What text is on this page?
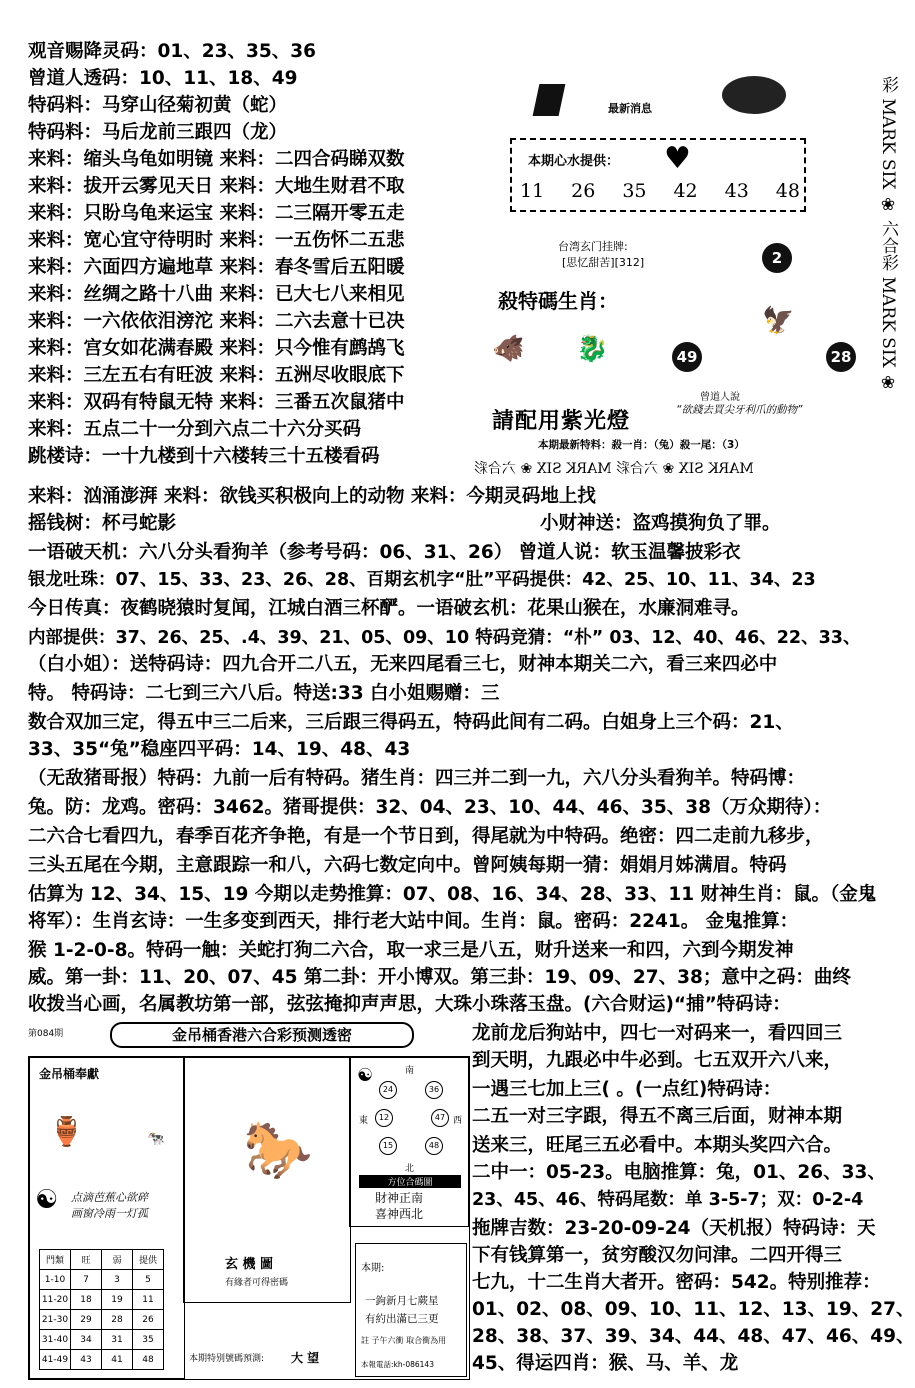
观音赐降灵码：01、23、35、36
曾道人透码：10、11、18、49
特码料：马穿山径菊初黄（蛇）
特码料：马后龙前三跟四（龙）
来料：缩头乌龟如明镜 来料：二四合码睇双数
来料：拔开云雾见天日 来料：大地生财君不取
来料：只盼乌龟来运宝 来料：二三隔开零五走
来料：宽心宜守待明时 来料：一五伤怀二五悲
来料：六面四方遍地草 来料：春冬雪后五阳暖
来料：丝绸之路十八曲 来料：已大七八来相见
来料：一六依依泪滂沱 来料：二六去意十已决
来料：宫女如花满春殿 来料：只今惟有鹧鸪飞
来料：三左五右有旺波 来料：五洲尽收眼底下
来料：双码有特鼠无特 来料：三番五次鼠猪中
来料：五点二十一分到六点二十六分买码
跳楼诗：一十九楼到十六楼转三十五楼看码
最新消息
本期心水提供： ♥
11 26 35 42 43 48
台湾玄门挂牌:
[思忆甜苦][312]	2
殺特碼生肖：
🐗 🐉
🦅
49	28
曾道人說
“欲錢去買尖牙利爪的動物”
請配用紫光燈
本期最新特料：殺一肖：（兔）殺一尾：（3）
MARK SIX ❀ 六合彩 MARK SIX ❀ 六合彩
彩 MARK SIX ❀ 六合彩 MARK SIX ❀
来料：汹涌澎湃 来料：欲钱买积极向上的动物 来料：今期灵码地上找
摇钱树：杯弓蛇影	小财神送：盗鸡摸狗负了罪。
一语破天机：六八分头看狗羊（参考号码：06、31、26） 曾道人说：软玉温馨披彩衣
银龙吐珠：07、15、33、23、26、28、百期玄机字“肚”平码提供：42、25、10、11、34、23
今日传真：夜鹤晓猿时复闻，江城白酒三杯酽。一语破玄机：花果山猴在，水廉洞难寻。
内部提供：37、26、25、.4、39、21、05、09、10 特码竞猜：“朴” 03、12、40、46、22、33、
（白小姐）：送特码诗：四九合开二八五，无来四尾看三七，财神本期关二六，看三来四必中
特。 特码诗：二七到三六八后。特送:33 白小姐赐赠：三
数合双加三定，得五中三二后来，三后跟三得码五，特码此间有二码。白姐身上三个码：21、
33、35“兔”稳座四平码：14、19、48、43
（无敌猪哥报）特码：九前一后有特码。猪生肖：四三并二到一九，六八分头看狗羊。特码博：
兔。防：龙鸡。密码：3462。猪哥提供：32、04、23、10、44、46、35、38（万众期待）：
二六合七看四九，春季百花齐争艳，有是一个节日到，得尾就为中特码。绝密：四二走前九移步，
三头五尾在今期，主意跟踪一和八，六码七数定向中。曾阿姨每期一猜：娟娟月姊满眉。特码
估算为 12、34、15、19 今期以走势推算：07、08、16、34、28、33、11 财神生肖：鼠。（金鬼
将军）：生肖玄诗：一生多变到西天，排行老大站中间。生肖：鼠。密码：2241。 金鬼推算：
猴 1-2-0-8。特码一触：关蛇打狗二六合，取一求三是八五，财升送来一和四，六到今期发神
威。第一卦：11、20、07、45 第二卦：开小博双。第三卦：19、09、27、38；意中之码：曲终
收拨当心画，名属教坊第一部，弦弦掩抑声声思，大珠小珠落玉盘。(六合财运)“捕”特码诗：
龙前龙后狗站中，四七一对码来一，看四回三
到天明，九跟必中牛必到。七五双开六八来，
一遇三七加上三( 。(一点红)特码诗：
二五一对三字跟，得五不离三后面，财神本期
送来三，旺尾三五必看中。本期头奖四六合。
二中一：05-23。电脑推算：兔，01、26、33、
23、45、46、特码尾数：单 3-5-7；双：0-2-4
拖牌吉数：23-20-09-24（天机报）特码诗：天
下有钱算第一，贫穷酸汉勿问津。二四开得三
七九，十二生肖大者开。密码：542。特别推荐：
01、02、08、09、10、11、12、13、19、27、
28、38、37、39、34、44、48、47、46、49、
45、得运四肖：猴、马、羊、龙
第084期	金吊桶香港六合彩预测透密
金吊桶奉獻
🏺	🐄
☯ 点滴芭蕉心欲碎
画窗冷雨一灯孤
門類	旺	弱	提供
1-10	7	3	5
11-20	18	19	11
21-30	29	28	26
31-40	34	31	35
41-49	43	41	48
🐎
玄 機 圖
有緣者可得密碼
☯	南
北
東	西
24	36
12	47
15	48
方位合碼圖
財神正南
喜神西北
本期:
一鉤新月七蕨星
有約出滿已三更
註 子午六衝 取合衝為用
本報電話:kh-086143
本期特别號碼預測: 大 望
